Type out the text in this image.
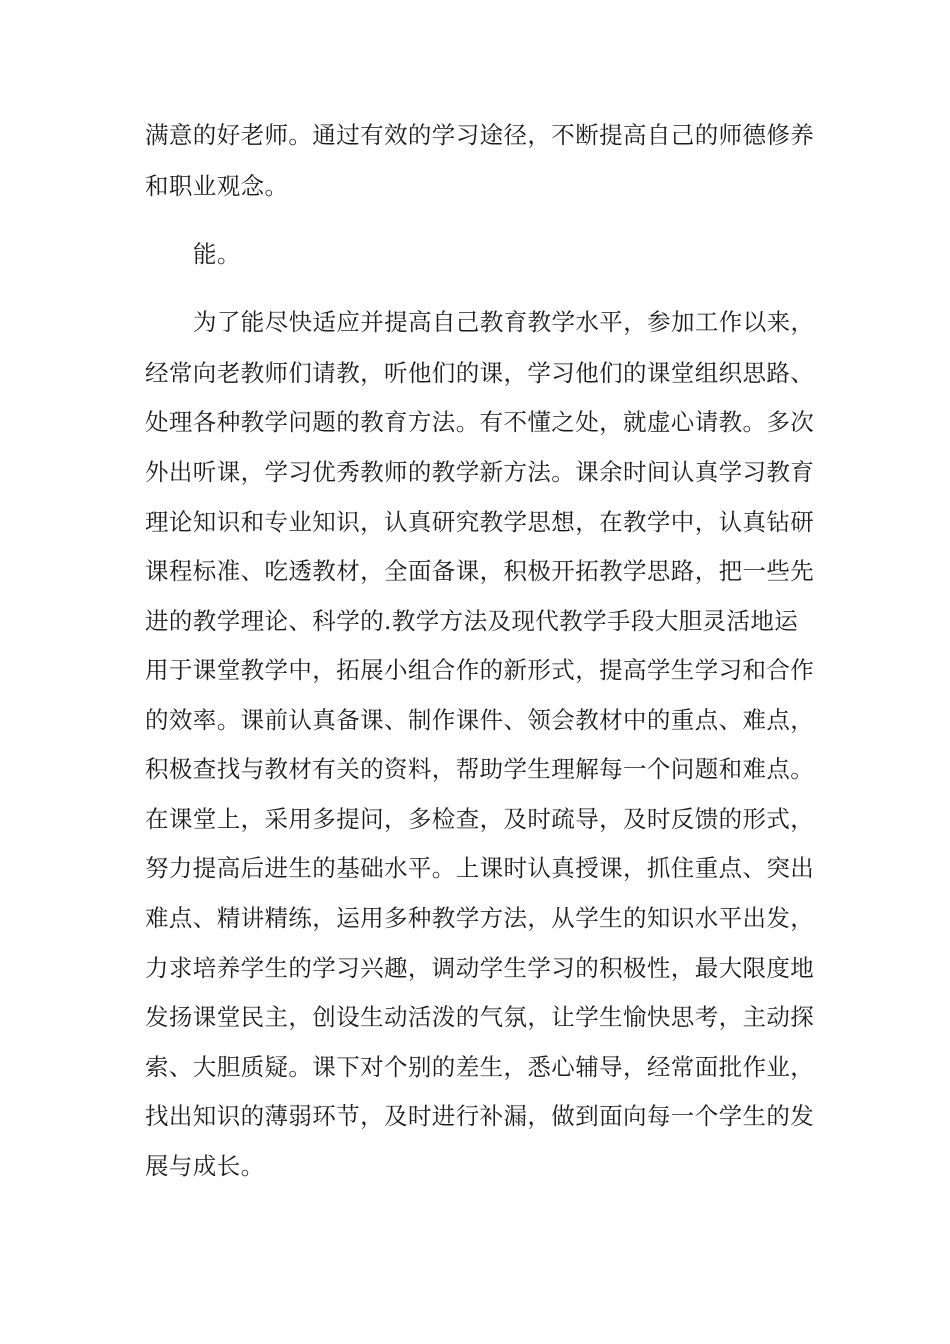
满意的好老师。通过有效的学习途径，不断提高自己的师德修养

和职业观念。

能。

为了能尽快适应并提高自己教育教学水平，参加工作以来，

经常向老教师们请教，听他们的课，学习他们的课堂组织思路、

处理各种教学问题的教育方法。有不懂之处，就虚心请教。多次

外出听课，学习优秀教师的教学新方法。课余时间认真学习教育

理论知识和专业知识，认真研究教学思想，在教学中，认真钻研

课程标准、吃透教材，全面备课，积极开拓教学思路，把一些先

进的教学理论、科学的.教学方法及现代教学手段大胆灵活地运

用于课堂教学中，拓展小组合作的新形式，提高学生学习和合作

的效率。课前认真备课、制作课件、领会教材中的重点、难点，

积极查找与教材有关的资料，帮助学生理解每一个问题和难点。

在课堂上，采用多提问，多检查，及时疏导，及时反馈的形式，

努力提高后进生的基础水平。上课时认真授课，抓住重点、突出

难点、精讲精练，运用多种教学方法，从学生的知识水平出发，

力求培养学生的学习兴趣，调动学生学习的积极性，最大限度地

发扬课堂民主，创设生动活泼的气氛，让学生愉快思考，主动探

索、大胆质疑。课下对个别的差生，悉心辅导，经常面批作业，

找出知识的薄弱环节，及时进行补漏，做到面向每一个学生的发

展与成长。
